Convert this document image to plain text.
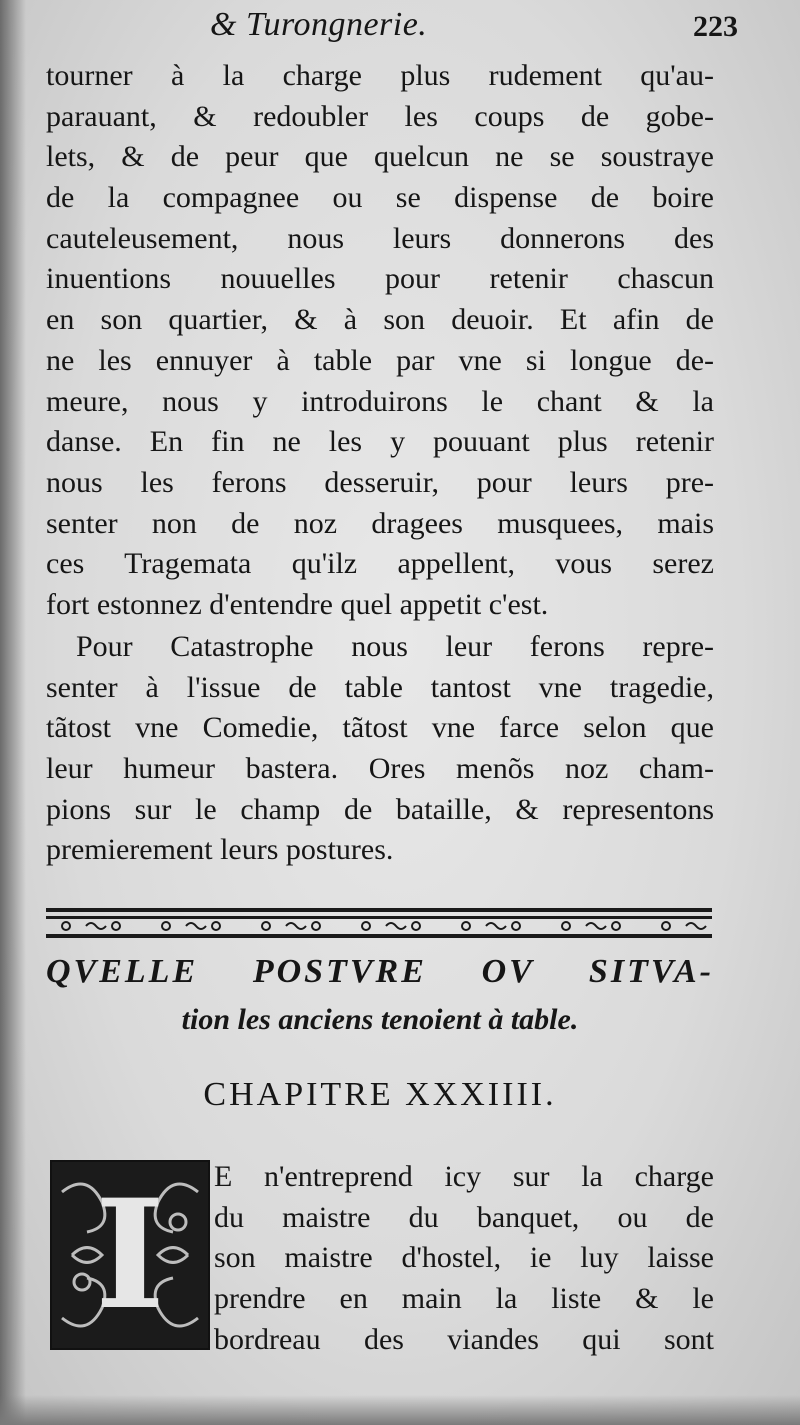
& Turongnerie.	223
tourner à la charge plus rudement qu'au-
parauant, & redoubler les coups de gobe-
lets, & de peur que quelcun ne se soustraye
de la compagnee ou se dispense de boire
cauteleusement, nous leurs donnerons des
inuentions nouuelles pour retenir chascun
en son quartier, & à son deuoir. Et afin de
ne les ennuyer à table par vne si longue de-
meure, nous y introduirons le chant & la
danse. En fin ne les y pouuant plus retenir
nous les ferons desseruir, pour leurs pre-
senter non de noz dragees musquees, mais
ces Tragemata qu'ilz appellent, vous serez
fort estonnez d'entendre quel appetit c'est.
Pour Catastrophe nous leur ferons repre-
senter à l'issue de table tantost vne tragedie,
tãtost vne Comedie, tãtost vne farce selon que
leur humeur bastera. Ores menõs noz cham-
pions sur le champ de bataille, & representons
premierement leurs postures.
QVELLE POSTVRE OV SITVA-
tion les anciens tenoient à table.
CHAPITRE XXXIIII.
I	E n'entreprend icy sur la charge
du maistre du banquet, ou de
son maistre d'hostel, ie luy laisse
prendre en main la liste & le
bordreau des viandes qui sont
